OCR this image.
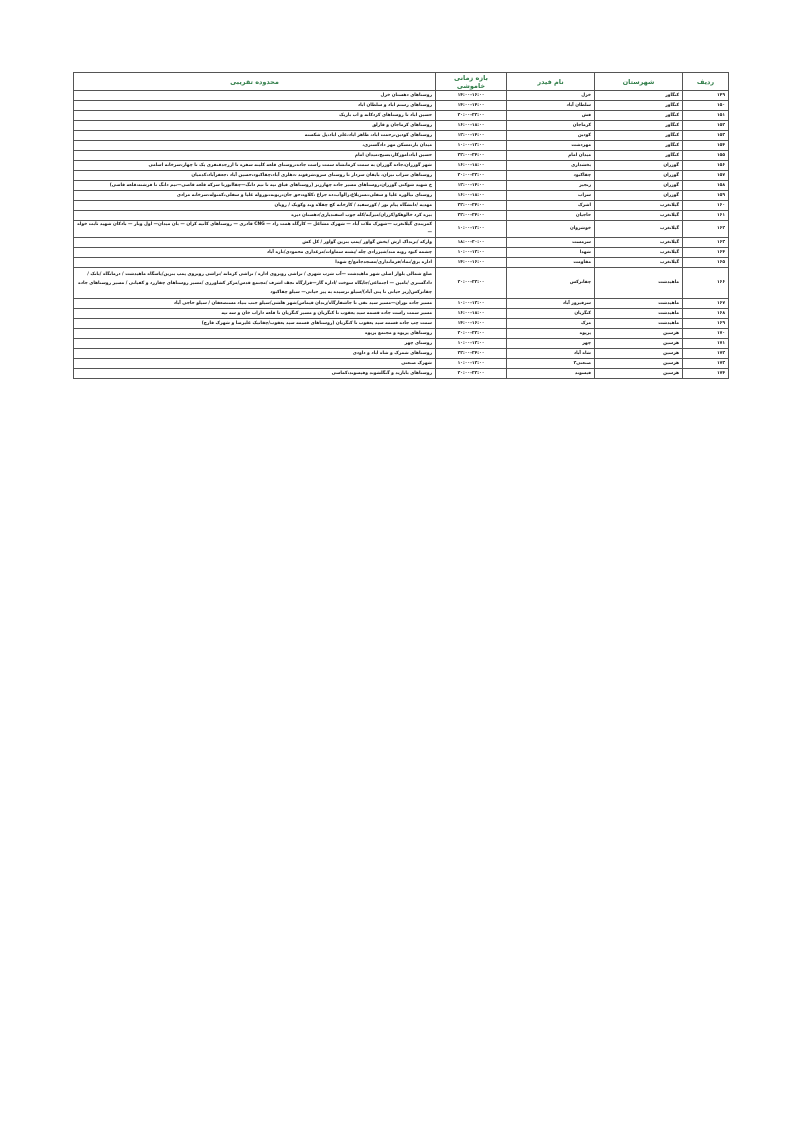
ردیف	شهرستان	نام فیدر	بازه زمانی خاموشی	محدوده تقریبی
۱۴۹	کنگاور	خزل	۱۴:۰۰-۱۶:۰۰	روستاهای دهستان خزل
۱۵۰	کنگاور	سلطان آباد	۱۴:۰۰-۱۴:۰۰	روستاهای رستم اباد و سلطان اباد
۱۵۱	کنگاور	فش	۲۰:۰۰-۲۲:۰۰	حسین اباد تا روستاهای کردکانه و اب باریک
۱۵۲	کنگاور	کرماجان	۱۶:۰۰-۱۸:۰۰	روستاهای کرماجان و قارلق
۱۵۳	کنگاور	کودین	۱۲:۰۰-۱۴:۰۰	روستاهای کودین،رحمت اباد، طاهر اباد،علی اباد،پل شکسته
۱۵۴	کنگاور	مهردشت	۱۰:۰۰-۱۲:۰۰	میدان بار،مسکن مهر دادگستری،
۱۵۵	کنگاور	میدان امام	۲۲:۰۰-۲۴:۰۰	حسین اباد،اموزکار،بسیج،میدان امام
۱۵۶	گوزران	بخشداری	۱۶:۰۰-۱۸:۰۰	شهر گوزران،جاده گوزران به سمت کرمانشاه سمت راست جاده،روستای قلعه کلینه سفره تا ازرجدقنفری یک تا چهار،سرخانه اسامی
۱۵۷	گوزران	چقاکبود	۲۰:۰۰-۲۲:۰۰	روستاهای سراب نیران، بایقان سردار تا روستای سرو،شرقوند ،دهلری آباد،چقاکبود،حسین آباد ،جعفرآباد،کدمیان
۱۵۸	گوزران	زنجیر	۱۲:۰۰-۱۴:۰۰	خ شهید شوکتی گوزران،روستاهای مسیر جاده چهاززبر (روستاهای قباق تپه تا تیم دانگ—چقاابوزتا سرکه قلعه قاضی—تیم دانگ تا فرشته،قلعه قاضی)
۱۵۹	گوزران	سراب	۱۶:۰۰-۱۸:۰۰	روستای نیالوره علیا و سفلی،نسریلاغ،زالوآب،ده جراغ ،کلاوه،حق جان،ریونه،نوروله علیا و سفلی،کمنوله،سرخانه مرادی
۱۶۰	گیلانغرب	اشرک	۲۲:۰۰-۲۴:۰۰	مهدیه /دانشگاه پیام نور / کورسفید / کارخانه کچ چقلاه وند وکوبک / رویان
۱۶۱	گیلانغرب	حاجیان	۲۲:۰۰-۲۴:۰۰	بیره کرد خالوهکو/کرزان/میرآبه/کله جوب اسفندیاری/دهستان دیره
۱۶۲	گیلانغرب	خوشروان	۱۰:۰۰-۱۲:۰۰	کمربندی گیلانغرب —شهرک ملات آباد — شهرک مشاغل — کارگاه همت زاد — CNG قادری — روستاهای کانیه کران — بان میدان— اول وبار — بادکان شهید ثابت خواه —
۱۶۳	گیلانغرب	سرمست	۱۸:۰۰-۲۰:۰۰	وارکه /برنداک ارش /بخش گواور /پمپ بنزین گواور / کل کش
۱۶۴	گیلانغرب	شهدا	۱۰:۰۰-۱۲:۰۰	چشمه کبود روبه مند/شیرزادی چله /پشته سماوات/مرغداری محمودی/تازه آباد
۱۶۵	گیلانغرب	مقاومت	۱۴:۰۰-۱۶:۰۰	اداره برق/نماد/فرمانداری/مسجدجامع/خ شهدا
۱۶۶	ماهیدشت	چقاترکس	۲۰:۰۰-۲۲:۰۰	ضلع شمالی بلوار اصلی شهر ماهیدشت —آب شرب شهری / تراشی روبروی اداره / تراشی کرمانه /تراشی روبروی پمپ بنزین/پاسگاه ماهیدشت / درمانگاه /بانک /دادگستری /تامین — اجتماعی/جایگاه سوخت /اداره گاز—قرارگاه نجف اشرف /مجتمع قدس/مرکز کشاورزی /مسیر روستاهای چقازرد و کفیانی / مسیر روستاهای جاده چقاترکس(زیر حیاتی تا پنی آباد)/سیلو نرسیده به پیر حیاتی— سیلو چقاکبود
۱۶۷	ماهیدشت	سرفیروز آباد	۱۰:۰۰-۱۲:۰۰	مسیر جاده نوران—مسیر سید نقی تا جاشفارگاه/زندان قیماس/شهر هلشی/سیلو جنب بنیاد مستضعفان / سیلو حاجی آباد
۱۶۸	ماهیدشت	کنگریان	۱۶:۰۰-۱۸:۰۰	مسیر سمت راست جاده قسمه سید یعقوب تا کنگریان و مسیر کنگریان تا قلعه داراب خان و سه تپه
۱۶۹	ماهیدشت	مرک	۱۴:۰۰-۱۶:۰۰	سمت چپ جاده قسمه سید یعقوب تا کنگریان (روستاهای قسمه سید یعقوب/چقانیک علیرضا و شهرک قارچ)
۱۷۰	هرسین	پرپوه	۲۰:۰۰-۲۲:۰۰	روستاهای پرپوه و مجتمع پرپوه
۱۷۱	هرسین	چهر	۱۰:۰۰-۱۲:۰۰	روستای چهر
۱۷۲	هرسین	شاه آباد	۲۲:۰۰-۲۴:۰۰	روستاهای شمرک و شاه اباد و داودی
۱۷۳	هرسین	صنعتی۲	۱۰:۰۰-۱۲:۰۰	شهرک صنعتی
۱۷۴	هرسین	فیسوند	۲۰:۰۰-۲۲:۰۰	روستاهای بابازید و گنگلشوند وفیسوند،کماسی
